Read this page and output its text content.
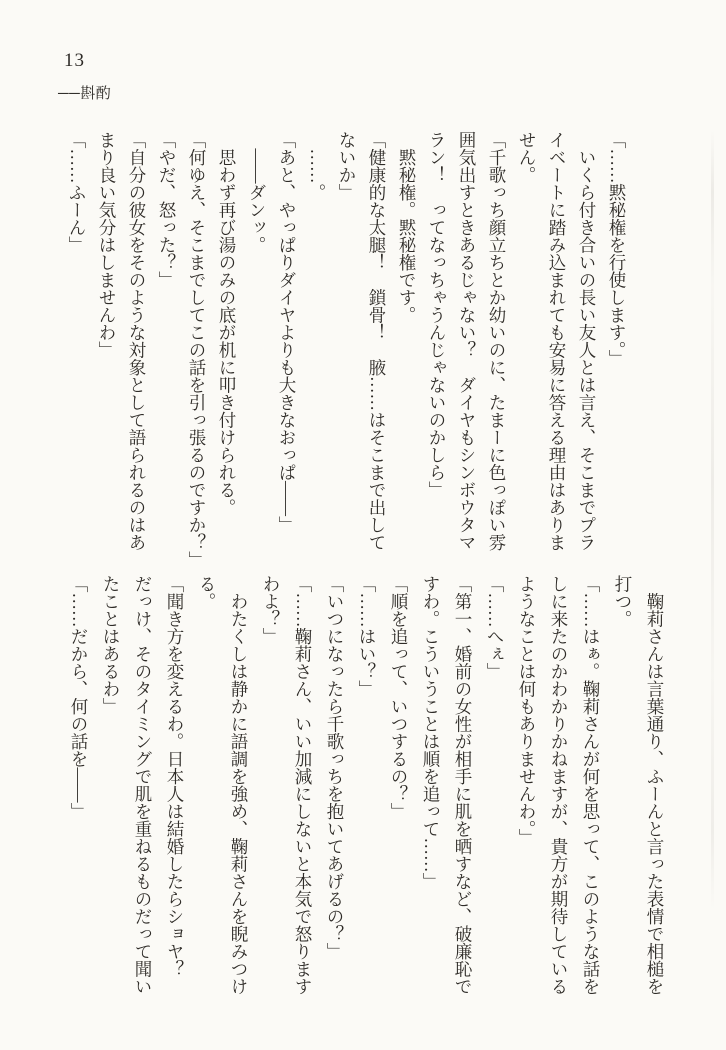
13
──斟酌

「……黙秘権を行使します。」

　いくら付き合いの長い友人とは言え、そこまでプラ

イベートに踏み込まれても安易に答える理由はありま

せん。

「千歌っち顔立ちとか幼いのに、たまーに色っぽい雰

囲気出すときあるじゃない？　ダイヤもシンボウタマ

ラン！　ってなっちゃうんじゃないのかしら」

　黙秘権。黙秘権です。

「健康的な太腿！　鎖骨！　腋……はそこまで出して

ないか」

　……。

「あと、やっぱりダイヤよりも大きなおっぱ——」

　——ダンッ。

　思わず再び湯のみの底が机に叩き付けられる。

「何ゆえ、そこまでしてこの話を引っ張るのですか？」

「やだ、怒った？」

「自分の彼女をそのような対象として語られるのはあ

まり良い気分はしませんわ」

「……ふーん」

　鞠莉さんは言葉通り、ふーんと言った表情で相槌を

打つ。

「……はぁ。鞠莉さんが何を思って、このような話を

しに来たのかわかりかねますが、貴方が期待している

ようなことは何もありませんわ。」

「……へぇ」

「第一、婚前の女性が相手に肌を晒すなど、破廉恥で

すわ。こういうことは順を追って……」

「順を追って、いつするの？」

「……はい？」

「いつになったら千歌っちを抱いてあげるの？」

「……鞠莉さん、いい加減にしないと本気で怒ります

わよ？」

　わたくしは静かに語調を強め、鞠莉さんを睨みつけ

る。

「聞き方を変えるわ。日本人は結婚したらショヤ？

だっけ、そのタイミングで肌を重ねるものだって聞い

たことはあるわ」

「……だから、何の話を——」
